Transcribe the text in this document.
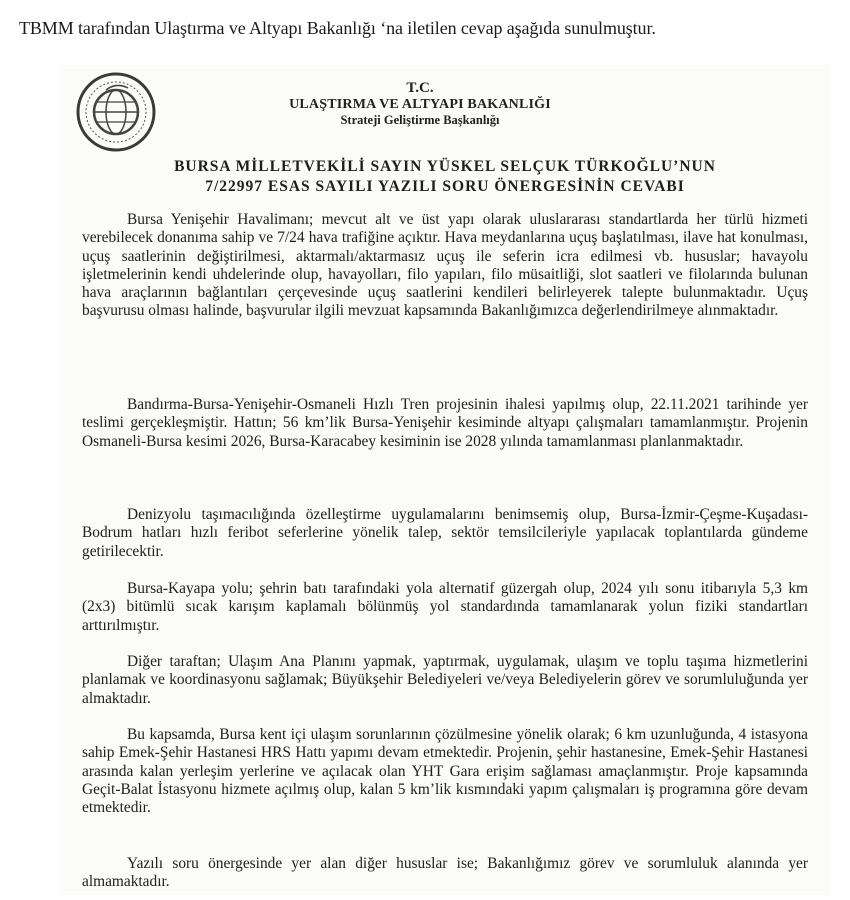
TBMM tarafından Ulaştırma ve Altyapı Bakanlığı ‘na iletilen cevap aşağıda sunulmuştur.
T.C.
ULAŞTIRMA VE ALTYAPI BAKANLIĞI
Strateji Geliştirme Başkanlığı
BURSA MİLLETVEKİLİ SAYIN YÜSKEL SELÇUK TÜRKOĞLU’NUN
7/22997 ESAS SAYILI YAZILI SORU ÖNERGESİNİN CEVABI

Bursa Yenişehir Havalimanı; mevcut alt ve üst yapı olarak uluslararası standartlarda her türlü hizmeti verebilecek donanıma sahip ve 7/24 hava trafiğine açıktır. Hava meydanlarına uçuş başlatılması, ilave hat konulması, uçuş saatlerinin değiştirilmesi, aktarmalı/aktarmasız uçuş ile seferin icra edilmesi vb. hususlar; havayolu işletmelerinin kendi uhdelerinde olup, havayolları, filo yapıları, filo müsaitliği, slot saatleri ve filolarında bulunan hava araçlarının bağlantıları çerçevesinde uçuş saatlerini kendileri belirleyerek talepte bulunmaktadır. Uçuş başvurusu olması halinde, başvurular ilgili mevzuat kapsamında Bakanlığımızca değerlendirilmeye alınmaktadır.

Bandırma-Bursa-Yenişehir-Osmaneli Hızlı Tren projesinin ihalesi yapılmış olup, 22.11.2021 tarihinde yer teslimi gerçekleşmiştir. Hattın; 56 km’lik Bursa-Yenişehir kesiminde altyapı çalışmaları tamamlanmıştır. Projenin Osmaneli-Bursa kesimi 2026, Bursa-Karacabey kesiminin ise 2028 yılında tamamlanması planlanmaktadır.

Denizyolu taşımacılığında özelleştirme uygulamalarını benimsemiş olup, Bursa-İzmir-Çeşme-Kuşadası-Bodrum hatları hızlı feribot seferlerine yönelik talep, sektör temsilcileriyle yapılacak toplantılarda gündeme getirilecektir.

Bursa-Kayapa yolu; şehrin batı tarafındaki yola alternatif güzergah olup, 2024 yılı sonu itibarıyla 5,3 km (2x3) bitümlü sıcak karışım kaplamalı bölünmüş yol standardında tamamlanarak yolun fiziki standartları arttırılmıştır.

Diğer taraftan; Ulaşım Ana Planını yapmak, yaptırmak, uygulamak, ulaşım ve toplu taşıma hizmetlerini planlamak ve koordinasyonu sağlamak; Büyükşehir Belediyeleri ve/veya Belediyelerin görev ve sorumluluğunda yer almaktadır.

Bu kapsamda, Bursa kent içi ulaşım sorunlarının çözülmesine yönelik olarak; 6 km uzunluğunda, 4 istasyona sahip Emek-Şehir Hastanesi HRS Hattı yapımı devam etmektedir. Projenin, şehir hastanesine, Emek-Şehir Hastanesi arasında kalan yerleşim yerlerine ve açılacak olan YHT Gara erişim sağlaması amaçlanmıştır. Proje kapsamında Geçit-Balat İstasyonu hizmete açılmış olup, kalan 5 km’lik kısmındaki yapım çalışmaları iş programına göre devam etmektedir.

Yazılı soru önergesinde yer alan diğer hususlar ise; Bakanlığımız görev ve sorumluluk alanında yer almamaktadır.
